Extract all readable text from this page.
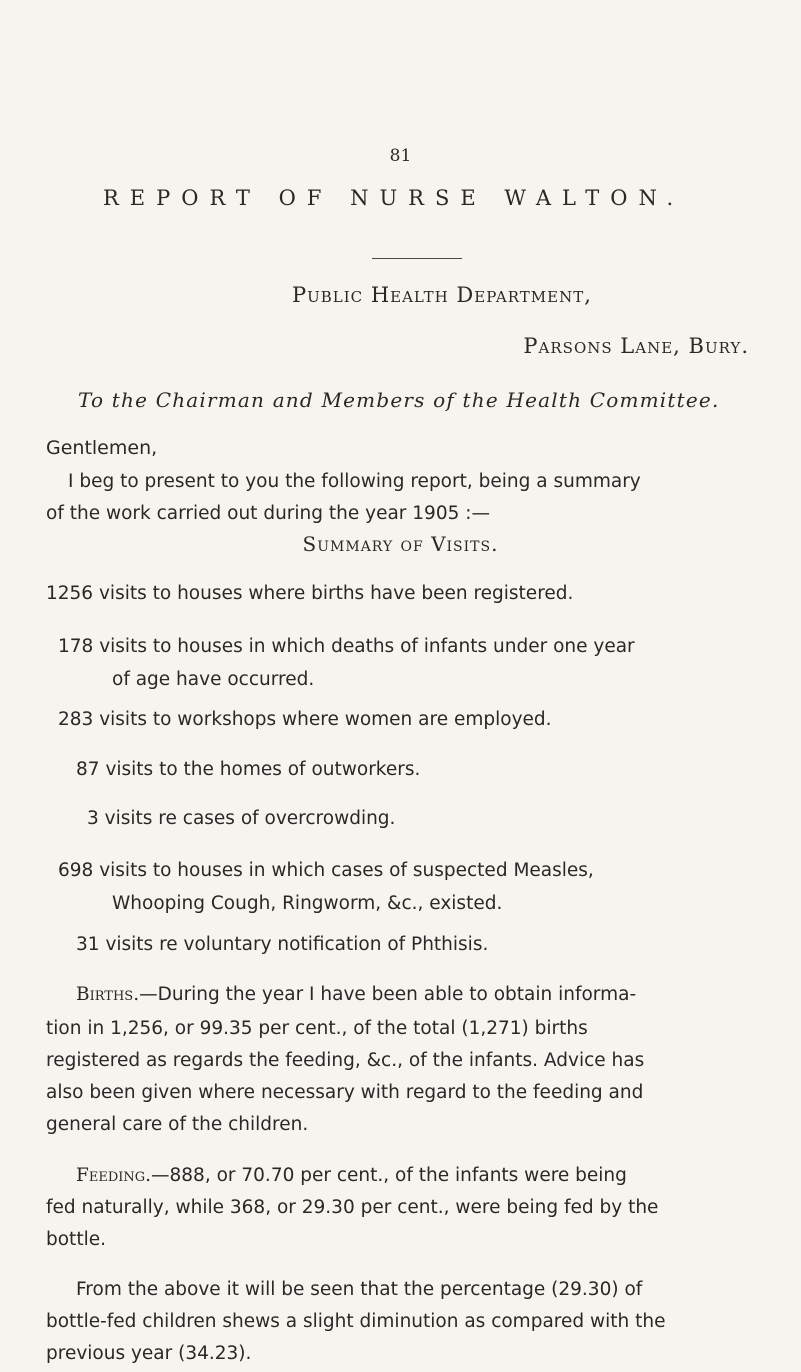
81
REPORT OF NURSE WALTON.
Public Health Department,
Parsons Lane, Bury.
To the Chairman and Members of the Health Committee.
Gentlemen,
I beg to present to you the following report, being a summary
of the work carried out during the year 1905 :—
Summary of Visits.
1256 visits to houses where births have been registered.
178 visits to houses in which deaths of infants under one year
of age have occurred.
283 visits to workshops where women are employed.
87 visits to the homes of outworkers.
3 visits re cases of overcrowding.
698 visits to houses in which cases of suspected Measles,
Whooping Cough, Ringworm, &c., existed.
31 visits re voluntary notification of Phthisis.
Births.—During the year I have been able to obtain informa-
tion in 1,256, or 99.35 per cent., of the total (1,271) births
registered as regards the feeding, &c., of the infants. Advice has
also been given where necessary with regard to the feeding and
general care of the children.
Feeding.—888, or 70.70 per cent., of the infants were being
fed naturally, while 368, or 29.30 per cent., were being fed by the
bottle.
From the above it will be seen that the percentage (29.30) of
bottle-fed children shews a slight diminution as compared with the
previous year (34.23).
